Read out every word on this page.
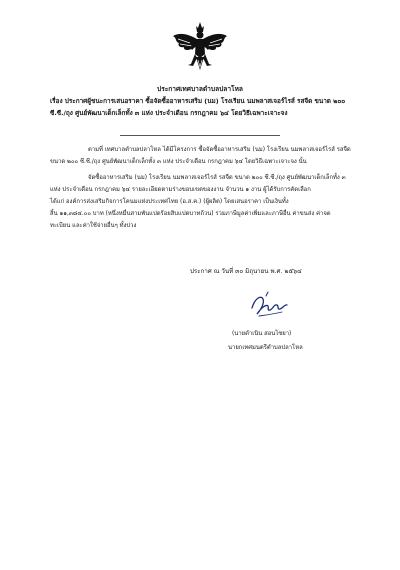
ประกาศเทศบาลตำบลปลาโหล
เรื่อง ประกาศผู้ชนะการเสนอราคา ซื้อจัดซื้ออาหารเสริม (นม) โรงเรียน นมพลาสเจอร์ไรส์ รสจืด ขนาด ๒๐๐
ซี.ซี./ถุง ศูนย์พัฒนาเด็กเล็กทั้ง ๓ แห่ง ประจำเดือน กรกฎาคม ๖๔ โดยวิธีเฉพาะเจาะจง
ตามที่ เทศบาลตำบลปลาโหล ได้มีโครงการ ซื้อจัดซื้ออาหารเสริม (นม) โรงเรียน นมพลาสเจอร์ไรส์ รสจืด
ขนาด ๒๐๐ ซี.ซี./ถุง ศูนย์พัฒนาเด็กเล็กทั้ง ๓ แห่ง ประจำเดือน กรกฎาคม ๖๔ โดยวิธีเฉพาะเจาะจง นั้น
จัดซื้ออาหารเสริม (นม) โรงเรียน นมพลาสเจอร์ไรส์ รสจืด ขนาด ๒๐๐ ซี.ซี./ถุง ศูนย์พัฒนาเด็กเล็กทั้ง ๓
แห่ง ประจำเดือน กรกฎาคม ๖๔ รายละเอียดตามร่างขอบเขตของงาน จำนวน ๑ งาน ผู้ได้รับการคัดเลือก
ได้แก่ องค์การส่งเสริมกิจการโคนมแห่งประเทศไทย (อ.ส.ค.) (ผู้ผลิต) โดยเสนอราคา เป็นเงินทั้ง
สิ้น ๑๑,๓๘๔.๐๐ บาท (หนึ่งหมื่นสามพันแปดร้อยสิบแปดบาทถ้วน) รวมภาษีมูลค่าเพิ่มและภาษีอื่น ค่าขนส่ง ค่าจด
ทะเบียน และค่าใช้จ่ายอื่นๆ ทั้งปวง
ประกาศ ณ วันที่ ๓๐ มิถุนายน พ.ศ. ๒๕๖๔
(นายดำเนิน สอนไชยา)
นายกเทศมนตรีตำบลปลาโหล
